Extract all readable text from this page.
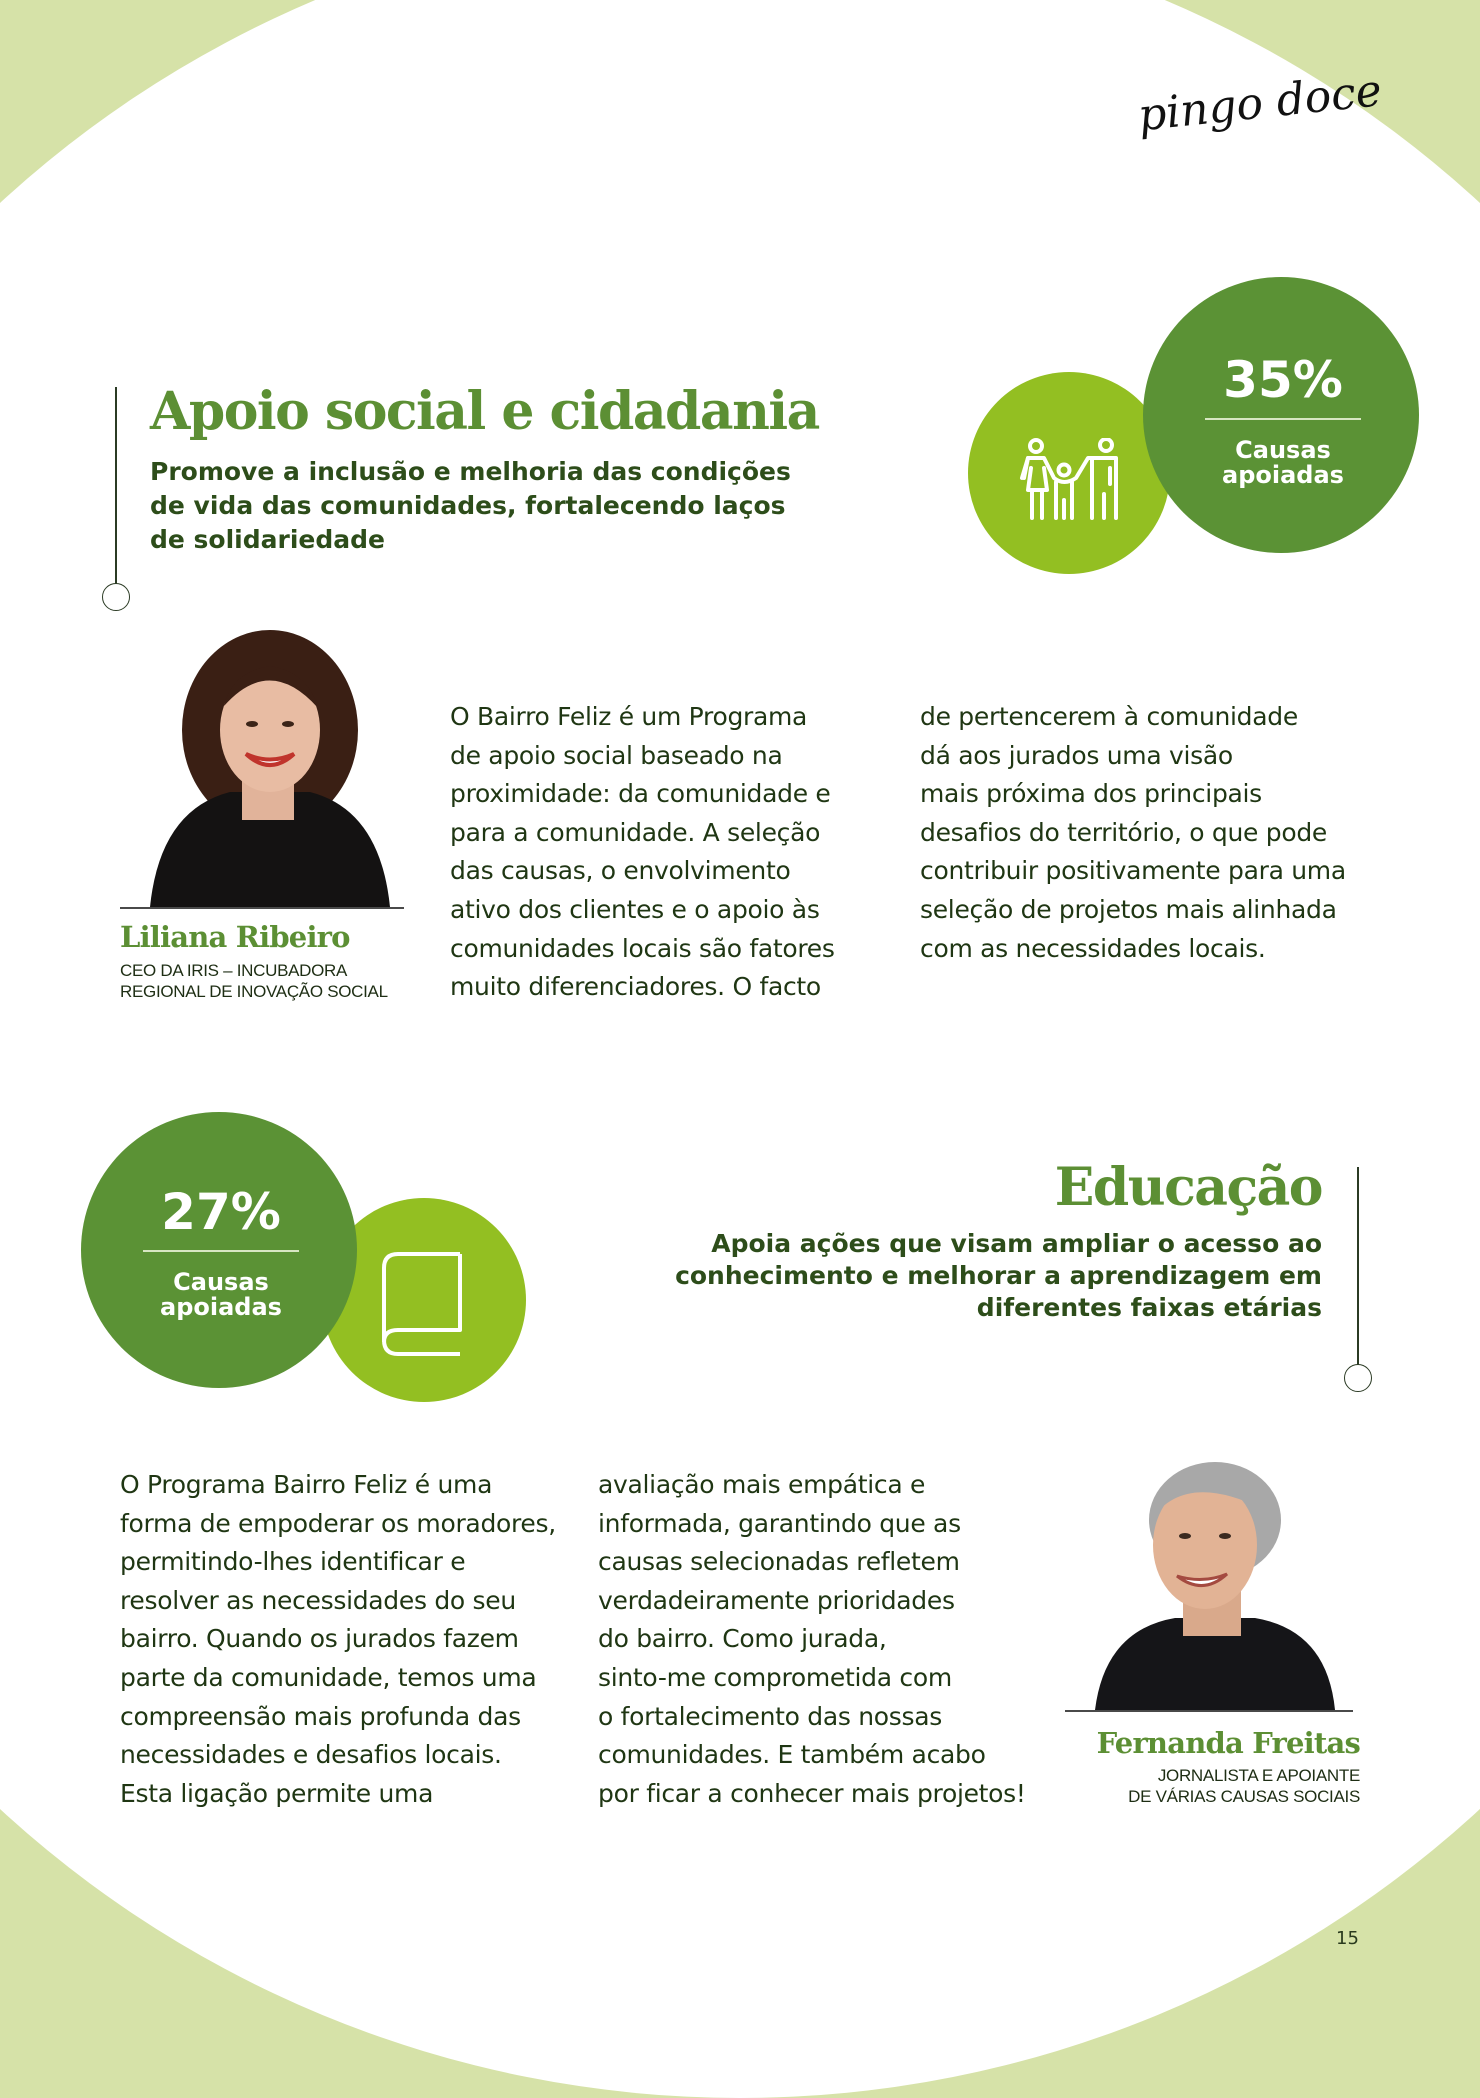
pingo doce
Apoio social e cidadania

Promove a inclusão e melhoria das condições

de vida das comunidades, fortalecendo laços

de solidariedade

35%
Causas
apoiadas
Liliana Ribeiro
CEO DA IRIS – INCUBADORA
REGIONAL DE INOVAÇÃO SOCIAL

O Bairro Feliz é um Programa

de apoio social baseado na

proximidade: da comunidade e

para a comunidade. A seleção

das causas, o envolvimento

ativo dos clientes e o apoio às

comunidades locais são fatores

muito diferenciadores. O facto

de pertencerem à comunidade

dá aos jurados uma visão

mais próxima dos principais

desafios do território, o que pode

contribuir positivamente para uma

seleção de projetos mais alinhada

com as necessidades locais.

27%
Causas
apoiadas
Educação

Apoia ações que visam ampliar o acesso ao

conhecimento e melhorar a aprendizagem em

diferentes faixas etárias

O Programa Bairro Feliz é uma

forma de empoderar os moradores,

permitindo-lhes identificar e

resolver as necessidades do seu

bairro. Quando os jurados fazem

parte da comunidade, temos uma

compreensão mais profunda das

necessidades e desafios locais.

Esta ligação permite uma

avaliação mais empática e

informada, garantindo que as

causas selecionadas refletem

verdadeiramente prioridades

do bairro. Como jurada,

sinto-me comprometida com

o fortalecimento das nossas

comunidades. E também acabo

por ficar a conhecer mais projetos!

Fernanda Freitas
JORNALISTA E APOIANTE
DE VÁRIAS CAUSAS SOCIAIS
15
